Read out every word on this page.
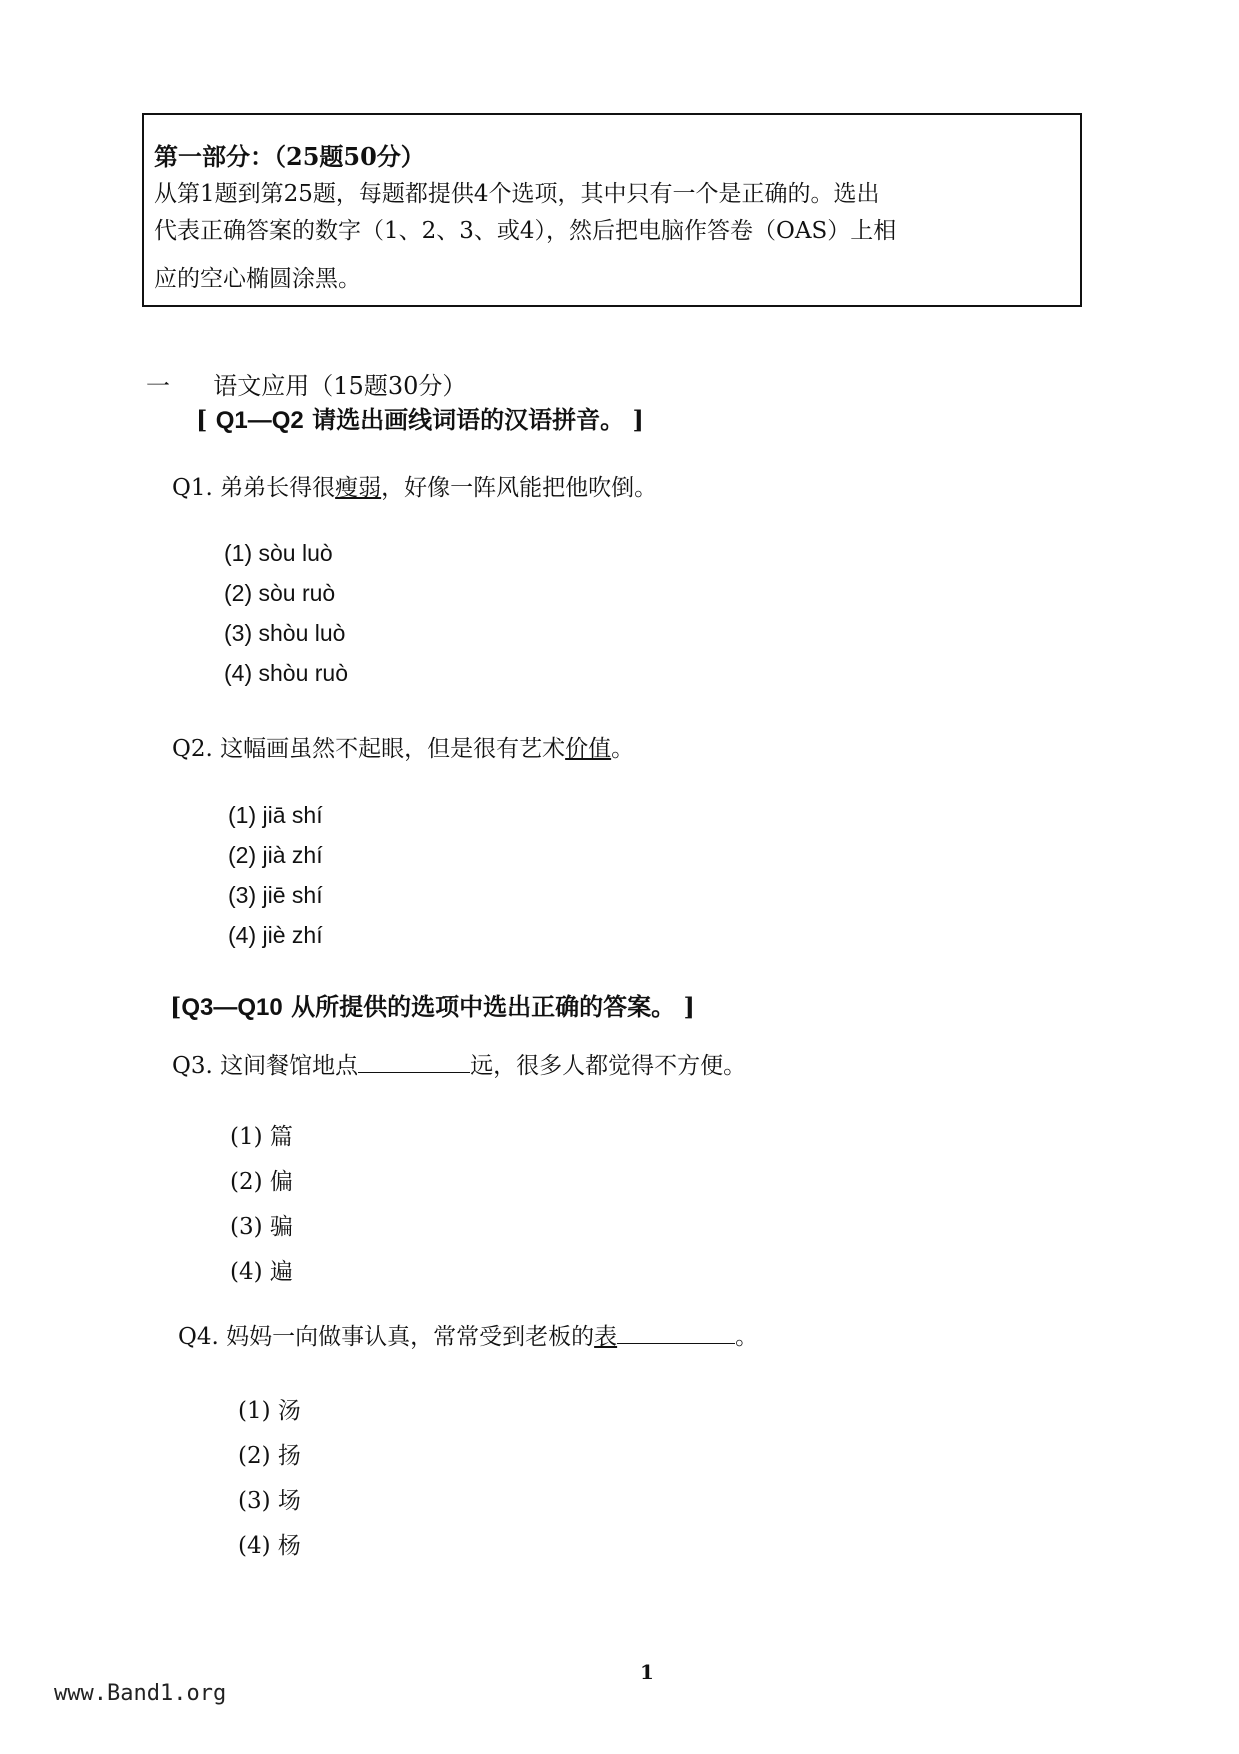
第一部分：（25题50分）
从第1题到第25题，每题都提供4个选项，其中只有一个是正确的。选出
代表正确答案的数字（1、2、3、或4），然后把电脑作答卷（OAS）上相
应的空心椭圆涂黑。
一 语文应用（15题30分）
[ Q1—Q2 请选出画线词语的汉语拼音。 ]
Q1. 弟弟长得很瘦弱，好像一阵风能把他吹倒。
(1) sòu luò
(2) sòu ruò
(3) shòu luò
(4) shòu ruò
Q2. 这幅画虽然不起眼，但是很有艺术价值。
(1) jiā shí
(2) jià zhí
(3) jiē shí
(4) jiè zhí
[Q3—Q10 从所提供的选项中选出正确的答案。 ]
Q3. 这间餐馆地点	远，很多人都觉得不方便。
(1) 篇
(2) 偏
(3) 骗
(4) 遍
Q4. 妈妈一向做事认真，常常受到老板的表	。
(1) 汤
(2) 扬
(3) 场
(4) 杨
1
www.Band1.org
